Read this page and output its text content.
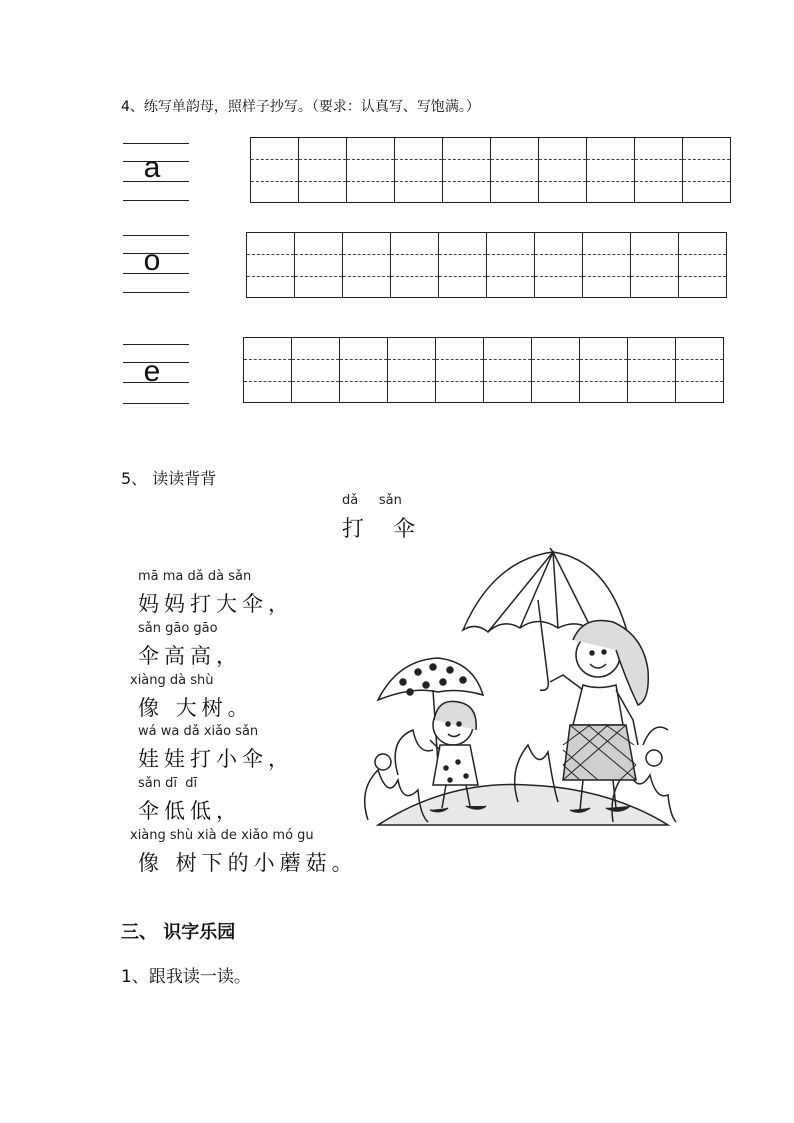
4、练写单韵母，照样子抄写。（要求：认真写、写饱满。）
a
o
e
5、 读读背背
dǎ     sǎn
打   伞
mā ma dǎ dà sǎn
妈妈打大伞，
sǎn gāo gāo
伞高高，
xiàng dà shù
像 大树。
wá wa dǎ xiǎo sǎn
娃娃打小伞，
sǎn dī  dī
伞低低，
xiàng shù xià de xiǎo mó gu
像 树下的小蘑菇。
三、 识字乐园
1、跟我读一读。
